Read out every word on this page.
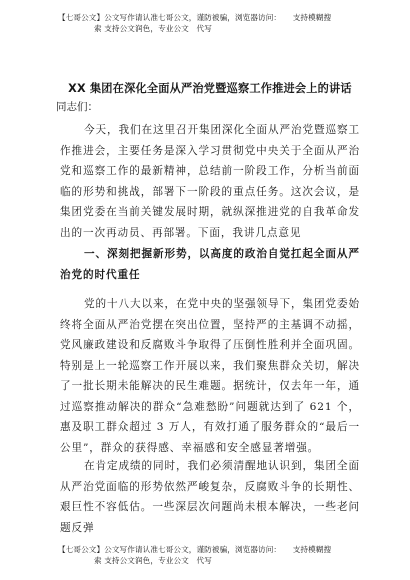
【七哥公文】公文写作请认准七哥公文，谨防被骗，浏览器访问：　　支持模糊搜
索 支持公文润色，专业公文　代写
XX 集团在深化全面从严治党暨巡察工作推进会上的讲话
同志们：
今天，我们在这里召开集团深化全面从严治党暨巡察工作推进会，主要任务是深入学习贯彻党中央关于全面从严治党和巡察工作的最新精神，总结前一阶段工作，分析当前面临的形势和挑战，部署下一阶段的重点任务。这次会议，是集团党委在当前关键发展时期，就纵深推进党的自我革命发出的一次再动员、再部署。下面，我讲几点意见
一、深刻把握新形势，以高度的政治自觉扛起全面从严治党的时代重任
党的十八大以来，在党中央的坚强领导下，集团党委始终将全面从严治党摆在突出位置，坚持严的主基调不动摇，党风廉政建设和反腐败斗争取得了压倒性胜利并全面巩固。特别是上一轮巡察工作开展以来，我们聚焦群众关切，解决了一批长期未能解决的民生难题。据统计，仅去年一年，通过巡察推动解决的群众“急难愁盼”问题就达到了 621 个，惠及职工群众超过 3 万人，有效打通了服务群众的“最后一公里”，群众的获得感、幸福感和安全感显著增强。
在肯定成绩的同时，我们必须清醒地认识到，集团全面从严治党面临的形势依然严峻复杂，反腐败斗争的长期性、艰巨性不容低估。一些深层次问题尚未根本解决，一些老问题反弹
【七哥公文】公文写作请认准七哥公文，谨防被骗，浏览器访问：　　支持模糊搜
索 支持公文润色，专业公文　代写
